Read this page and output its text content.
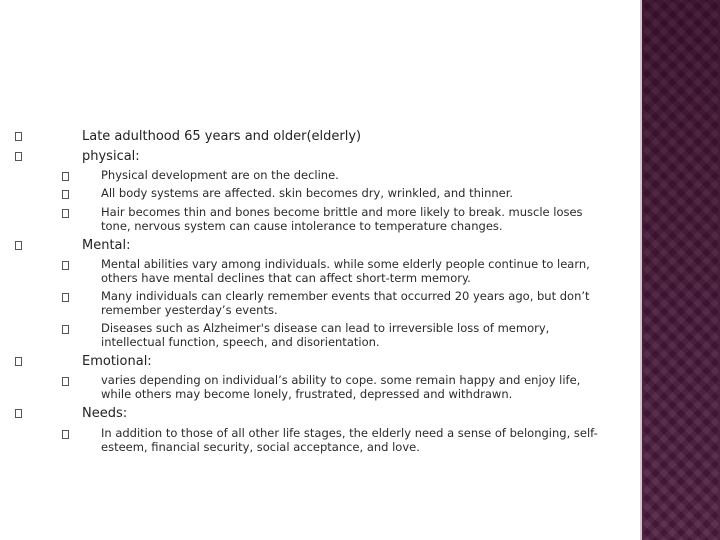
Late adulthood 65 years and older(elderly)
physical:
Physical development are on the decline.
All body systems are affected. skin becomes dry, wrinkled, and thinner.
Hair becomes thin and bones become brittle and more likely to break. muscle loses tone, nervous system can cause intolerance to temperature changes.
Mental:
Mental abilities vary among individuals. while some elderly people continue to learn, others have mental declines that can affect short-term memory.
Many individuals can clearly remember events that occurred 20 years ago, but don’t remember yesterday’s events.
Diseases such as Alzheimer's disease can lead to irreversible loss of memory, intellectual function, speech, and disorientation.
Emotional:
varies depending on individual’s ability to cope. some remain happy and enjoy life, while others may become lonely, frustrated, depressed and withdrawn.
Needs:
In addition to those of all other life stages, the elderly need a sense of belonging, self-esteem, financial security, social acceptance, and love.
